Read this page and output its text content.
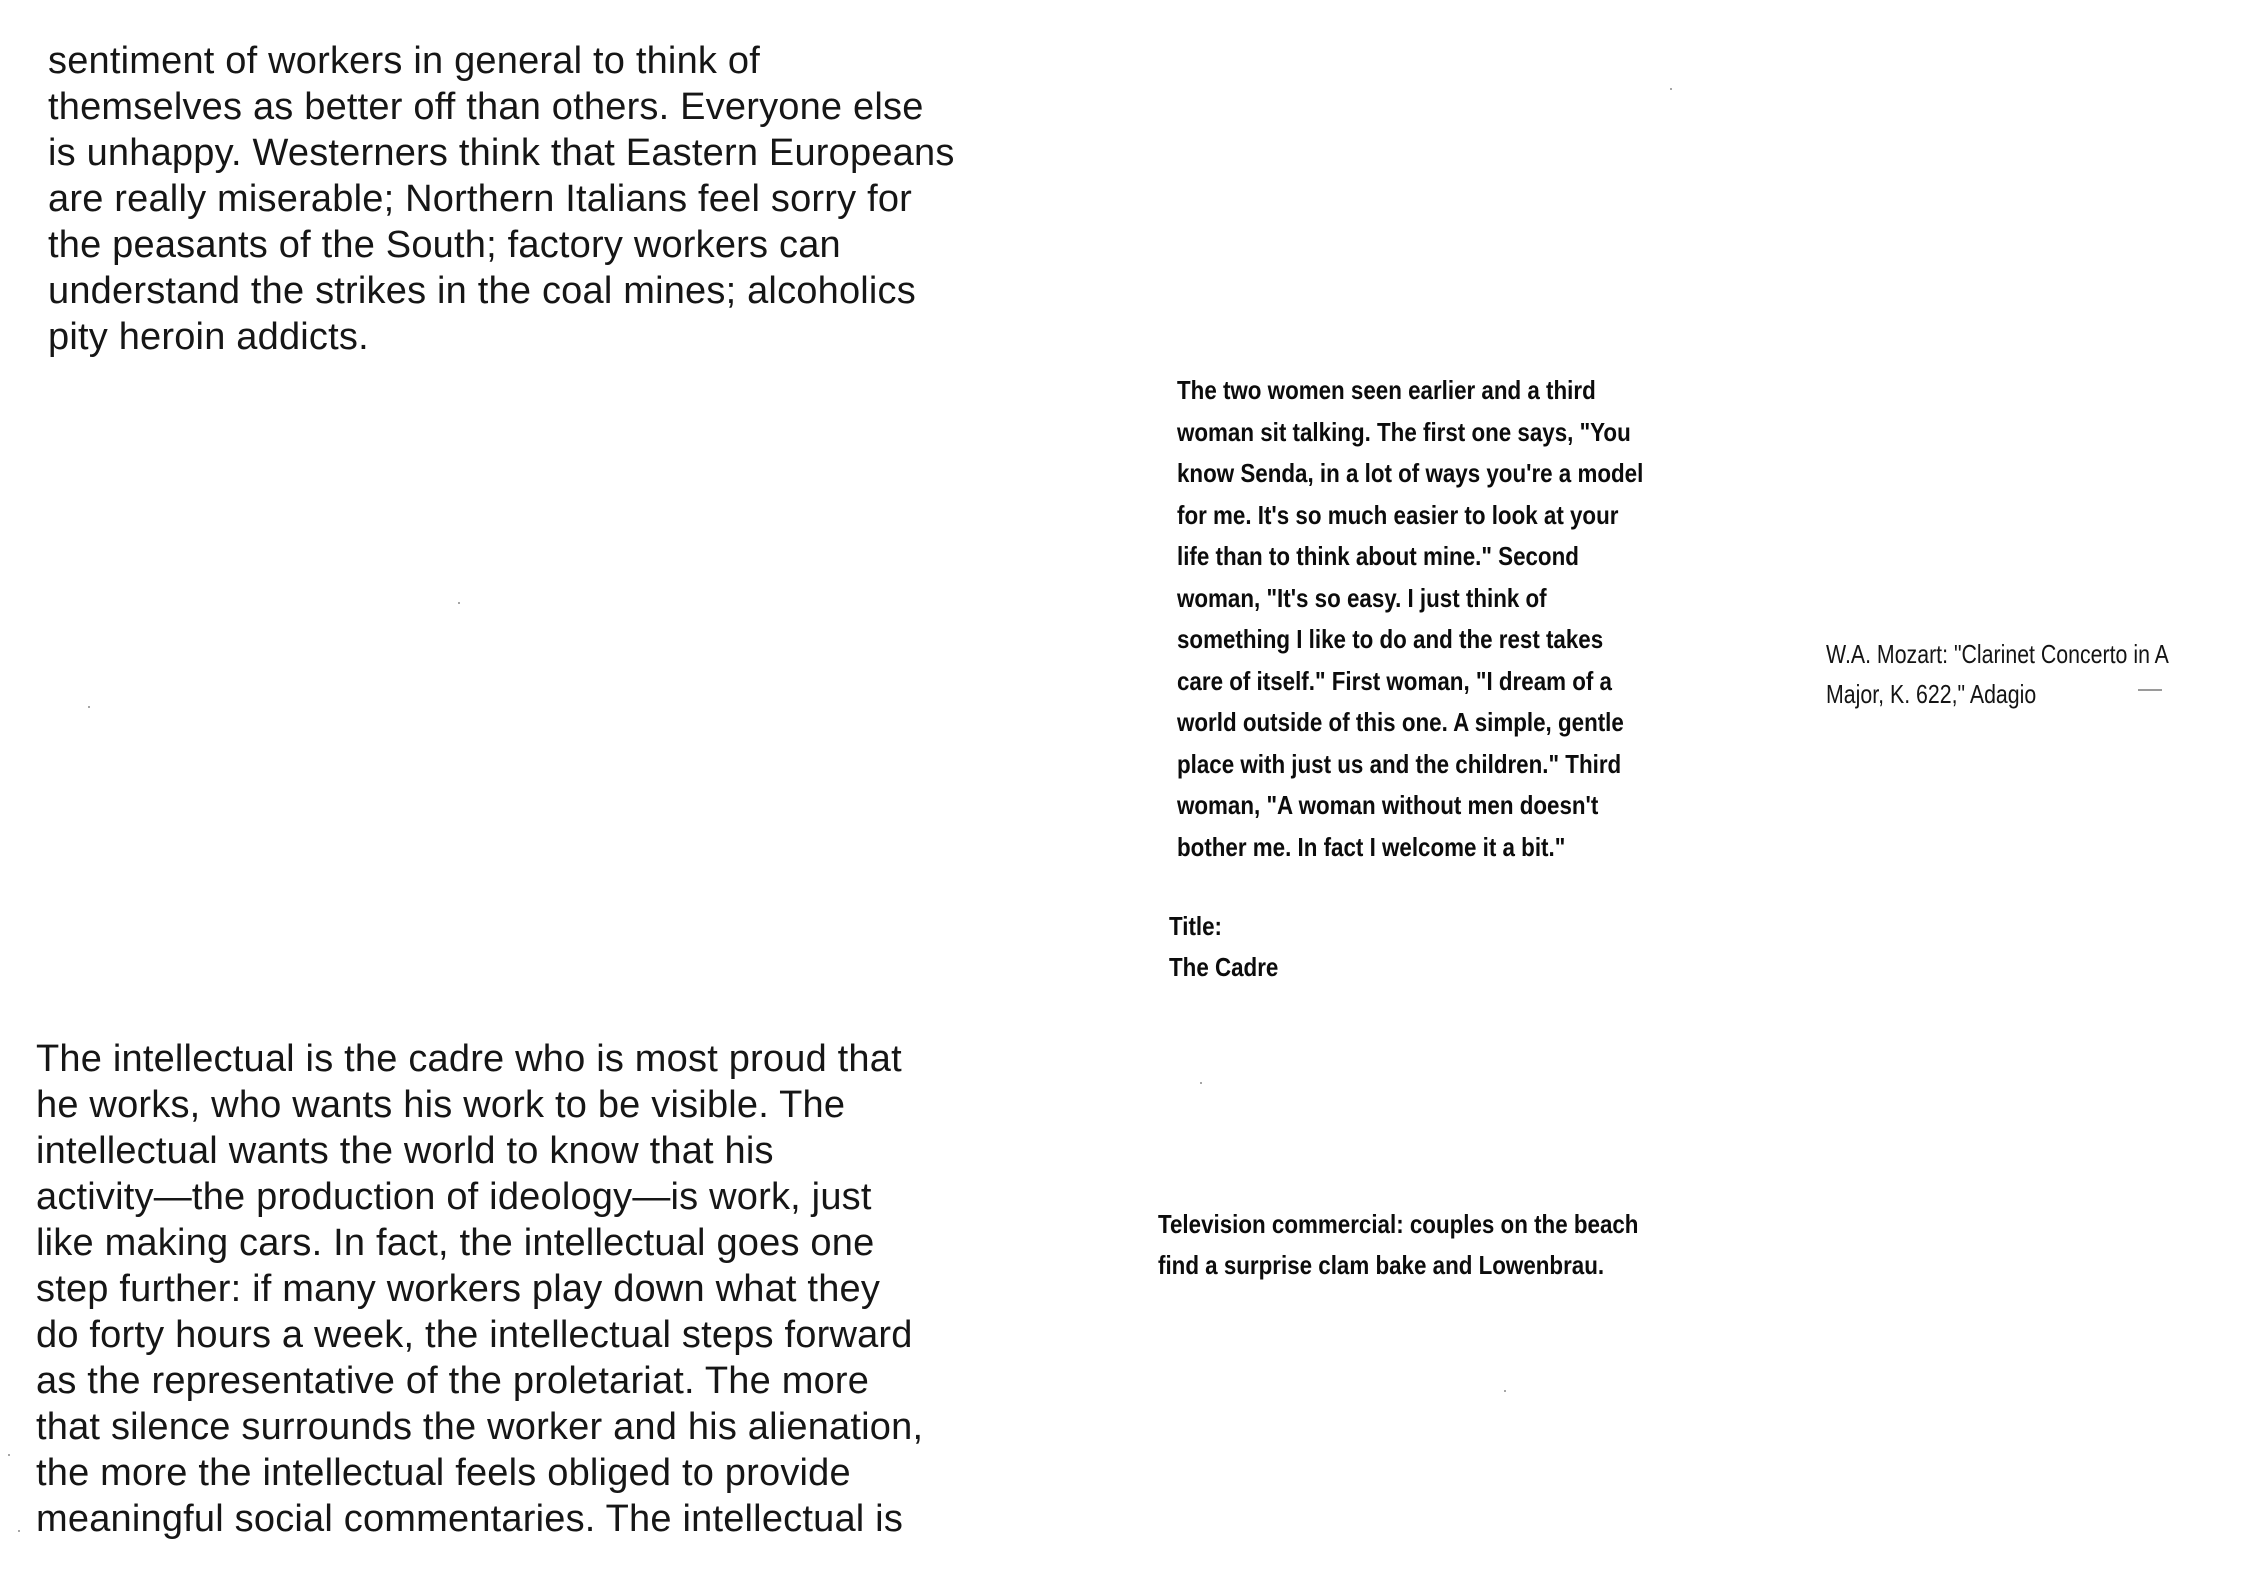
sentiment of workers in general to think of
themselves as better off than others. Everyone else
is unhappy. Westerners think that Eastern Europeans
are really miserable; Northern Italians feel sorry for
the peasants of the South; factory workers can
understand the strikes in the coal mines; alcoholics
pity heroin addicts.
The two women seen earlier and a third
woman sit talking. The first one says, "You
know Senda, in a lot of ways you're a model
for me. It's so much easier to look at your
life than to think about mine." Second
woman, "It's so easy. I just think of
something I like to do and the rest takes
care of itself." First woman, "I dream of a
world outside of this one. A simple, gentle
place with just us and the children." Third
woman, "A woman without men doesn't
bother me. In fact I welcome it a bit."
W.A. Mozart: "Clarinet Concerto in A
Major, K. 622," Adagio
Title:
The Cadre
The intellectual is the cadre who is most proud that
he works, who wants his work to be visible. The
intellectual wants the world to know that his
activity—the production of ideology—is work, just
like making cars. In fact, the intellectual goes one
step further: if many workers play down what they
do forty hours a week, the intellectual steps forward
as the representative of the proletariat. The more
that silence surrounds the worker and his alienation,
the more the intellectual feels obliged to provide
meaningful social commentaries. The intellectual is
Television commercial: couples on the beach
find a surprise clam bake and Lowenbrau.
